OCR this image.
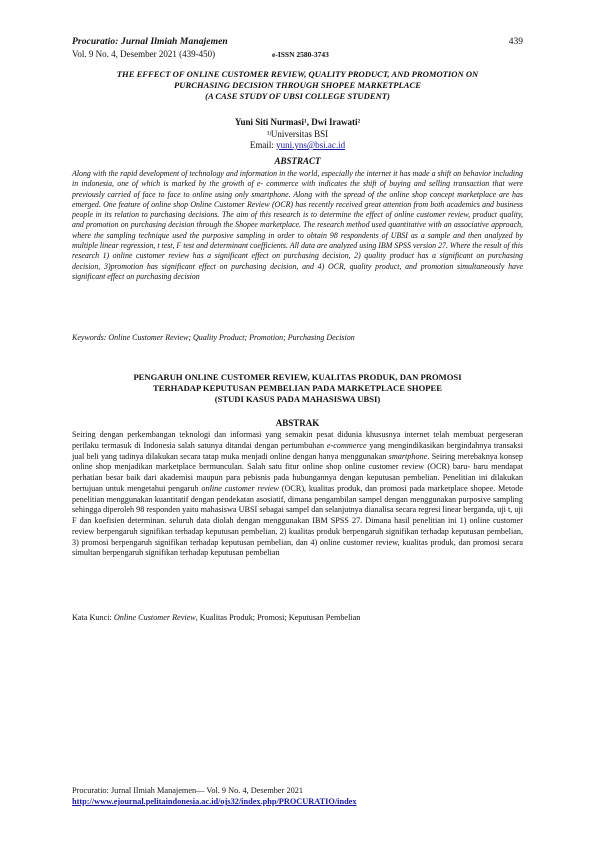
Procuratio: Jurnal Ilmiah Manajemen	439
Vol. 9 No. 4, Desember 2021 (439-450)	e-ISSN 2580-3743
THE EFFECT OF ONLINE CUSTOMER REVIEW, QUALITY PRODUCT, AND PROMOTION ON
PURCHASING DECISION THROUGH SHOPEE MARKETPLACE
(A CASE STUDY OF UBSI COLLEGE STUDENT)
Yuni Siti Nurmasi¹, Dwi Irawati²
¹ʲUniversitas BSI
Email: yuni.yns@bsi.ac.id
ABSTRACT
Along with the rapid development of technology and information in the world, especially the internet it has made a shift on behavior including in indonesia, one of which is marked by the growth of e- commerce with indicates the shift of buying and selling transaction that were previously carried of face to face to online using only smartphone. Along with the spread of the online shop concept marketplace are has emerged. One feature of online shop Online Customer Review (OCR) has recently received great attention from both academics and business people in its relation to purchasing decisions. The aim of this research is to determine the effect of online customer review, product quality, and promotion on purchasing decision through the Shopee marketplace. The research method used quantitative with an associative approach, where the sampling technique used the purposive sampling in order to obtain 98 respondents of UBSI as a sample and then analyzed by multiple linear regression, t test, F test and determinant coefficients. All data are analyzed using IBM SPSS version 27. Where the result of this research 1) online customer review has a significant effect on purchasing decision, 2) quality product has a significant on purchasing decision, 3)promotion has significant effect on purchasing decision, and 4) OCR, quality product, and promotion simultaneously have significant effect on purchasing decision
Keywords: Online Customer Review; Quality Product; Promotion; Purchasing Decision
PENGARUH ONLINE CUSTOMER REVIEW, KUALITAS PRODUK, DAN PROMOSI
TERHADAP KEPUTUSAN PEMBELIAN PADA MARKETPLACE SHOPEE
(STUDI KASUS PADA MAHASISWA UBSI)
ABSTRAK
Seiring dengan perkembangan teknologi dan informasi yang semakin pesat didunia khususnya internet telah membuat pergeseran perilaku termasuk di Indonesia salah satunya ditandai dengan pertumbuhan e-commerce yang mengindikasikan bergindahnya transaksi jual beli yang tadinya dilakukan secara tatap muka menjadi online dengan hanya menggunakan smartphone. Seiring merebaknya konsep online shop menjadikan marketplace bermunculan. Salah satu fitur online shop online customer review (OCR) baru- baru mendapat perhatian besar baik dari akademisi maupun para pebisnis pada hubungannya dengan keputusan pembelian. Penelitian ini dilakukan bertujuan untuk mengetahui pengaruh online customer review (OCR), kualitas produk, dan promosi pada marketplace shopee. Metode penelitian menggunakan kuantitatif dengan pendekatan asosiatif, dimana pengambilan sampel dengan menggunakan purposive sampling sehingga diperoleh 98 responden yaitu mahasiswa UBSI sebagai sampel dan selanjutnya dianalisa secara regresi linear berganda, uji t, uji F dan koefisien determinan. seluruh data diolah dengan menggunakan IBM SPSS 27. Dimana hasil penelitian ini 1) online customer review berpengaruh signifikan terhadap keputusan pembelian, 2) kualitas produk berpengaruh signifikan terhadap keputusan pembelian, 3) promosi berpengaruh signifikan terhadap keputusan pembelian, dan 4) online customer review, kualitas produk, dan promosi secara simultan berpengaruh signifikan terhadap keputusan pembelian
Kata Kunci: Online Customer Review, Kualitas Produk; Promosi; Keputusan Pembelian
Procuratio: Jurnal Ilmiah Manajemen— Vol. 9 No. 4, Desember 2021
http://www.ejournal.pelitaindonesia.ac.id/ojs32/index.php/PROCURATIO/index
